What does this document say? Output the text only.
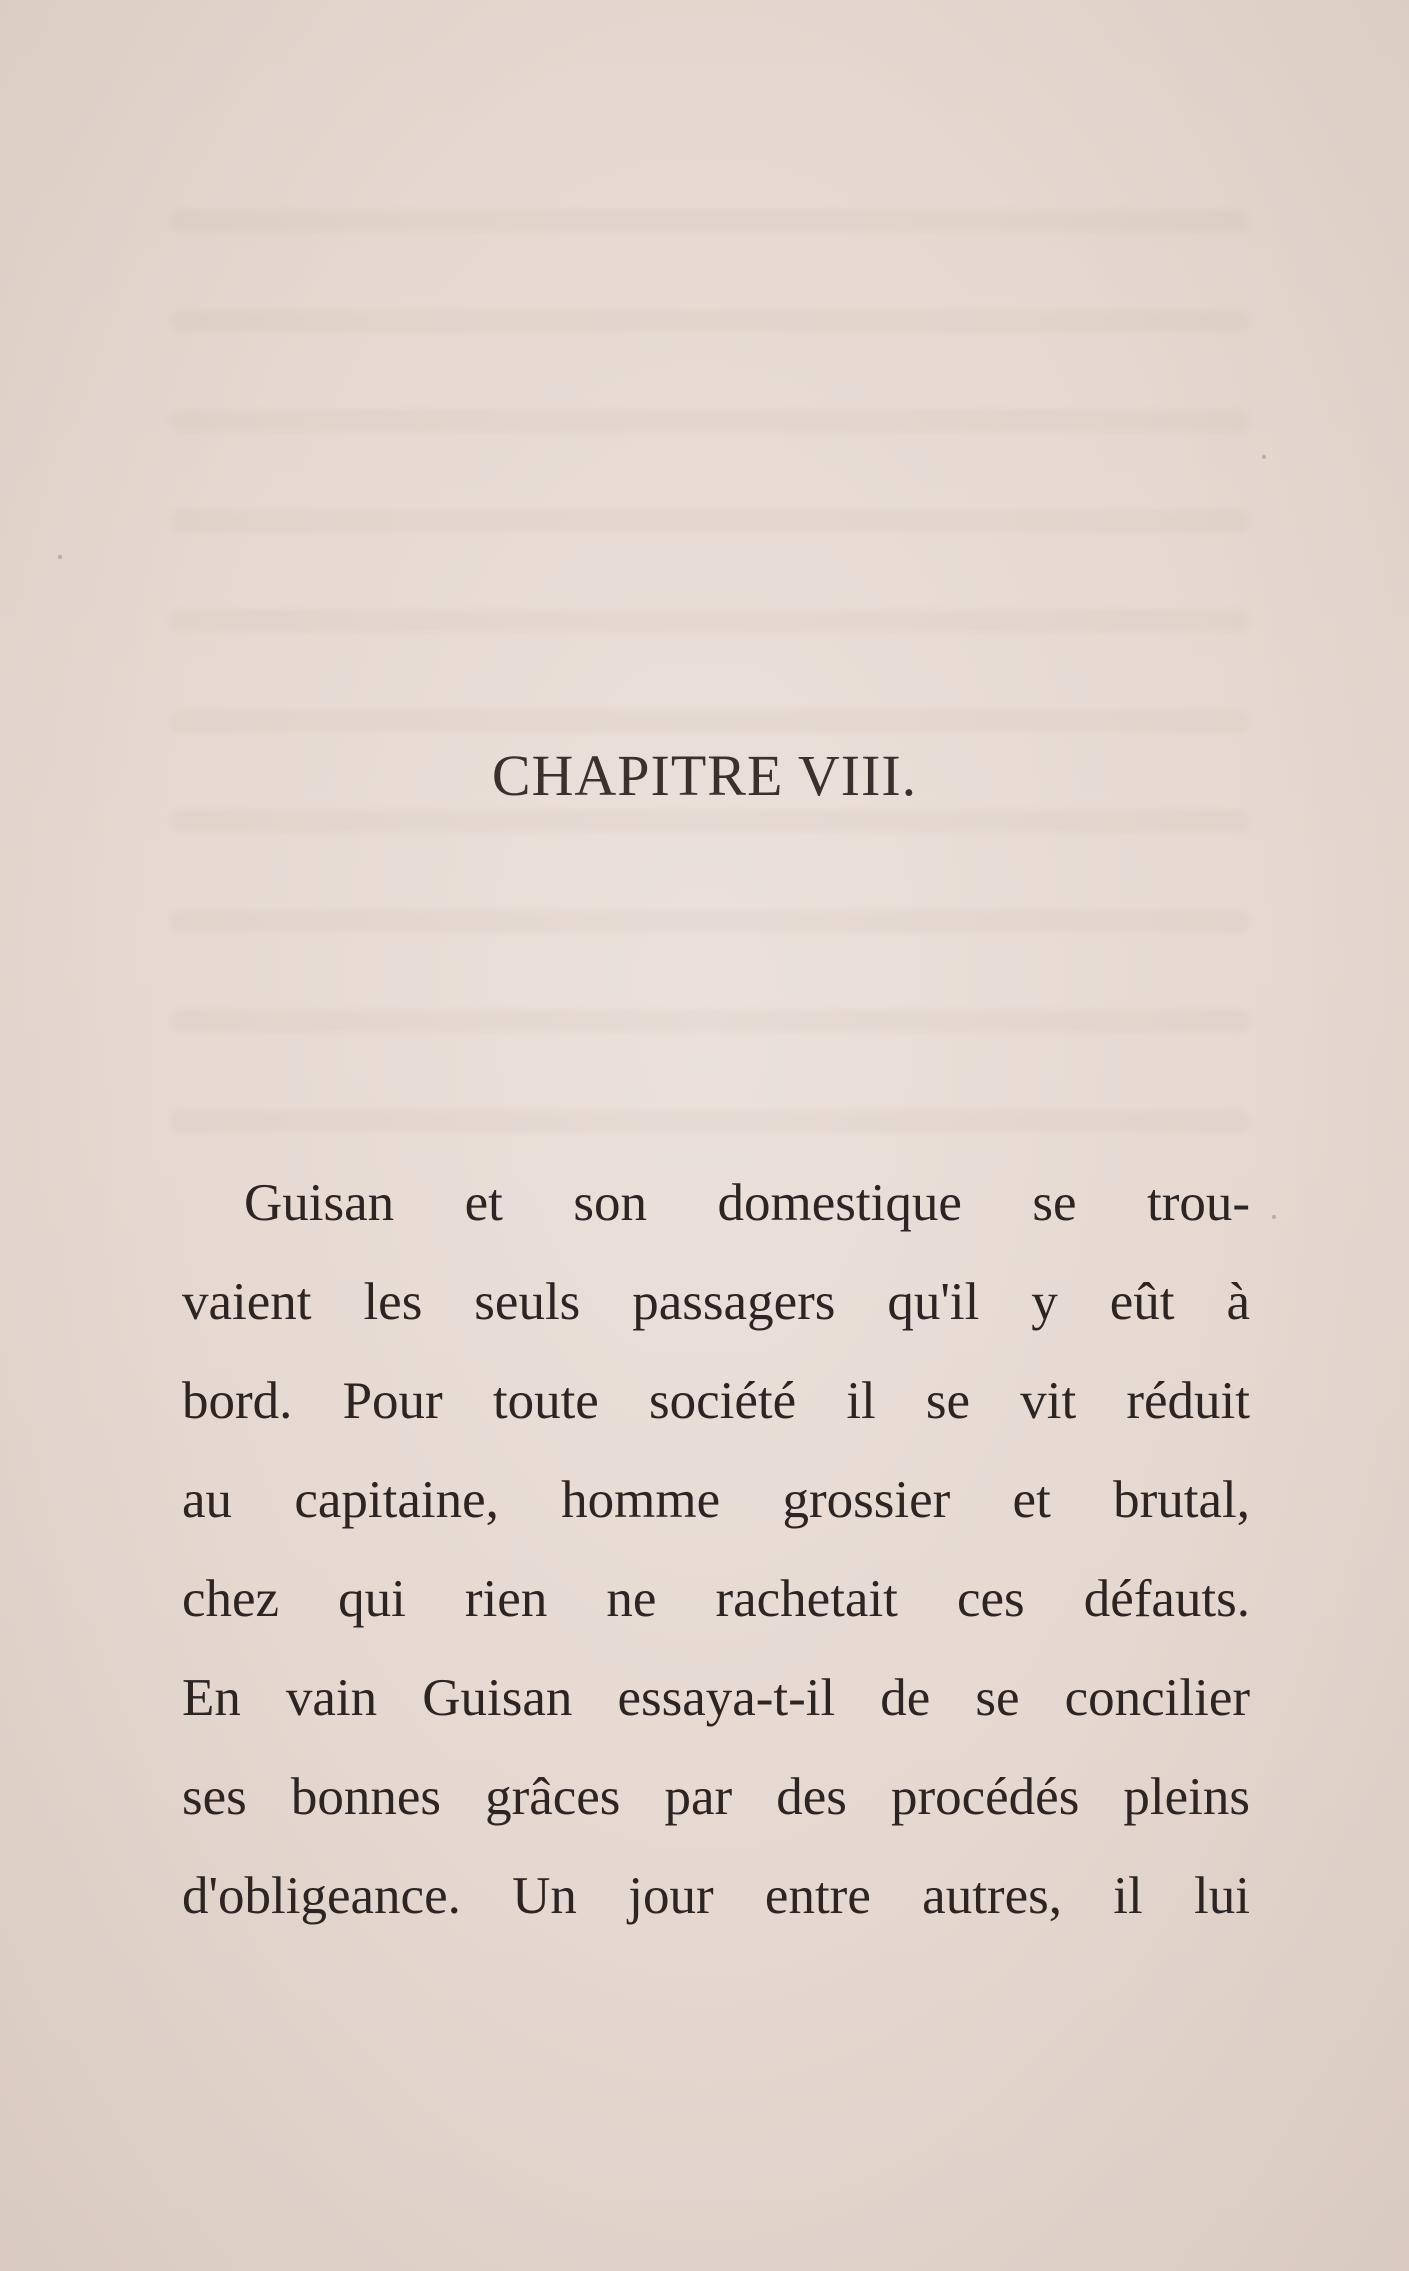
CHAPITRE VIII.
Guisan et son domestique se trou-
vaient les seuls passagers qu'il y eût à
bord. Pour toute société il se vit réduit
au capitaine, homme grossier et brutal,
chez qui rien ne rachetait ces défauts.
En vain Guisan essaya-t-il de se concilier
ses bonnes grâces par des procédés pleins
d'obligeance. Un jour entre autres, il lui
